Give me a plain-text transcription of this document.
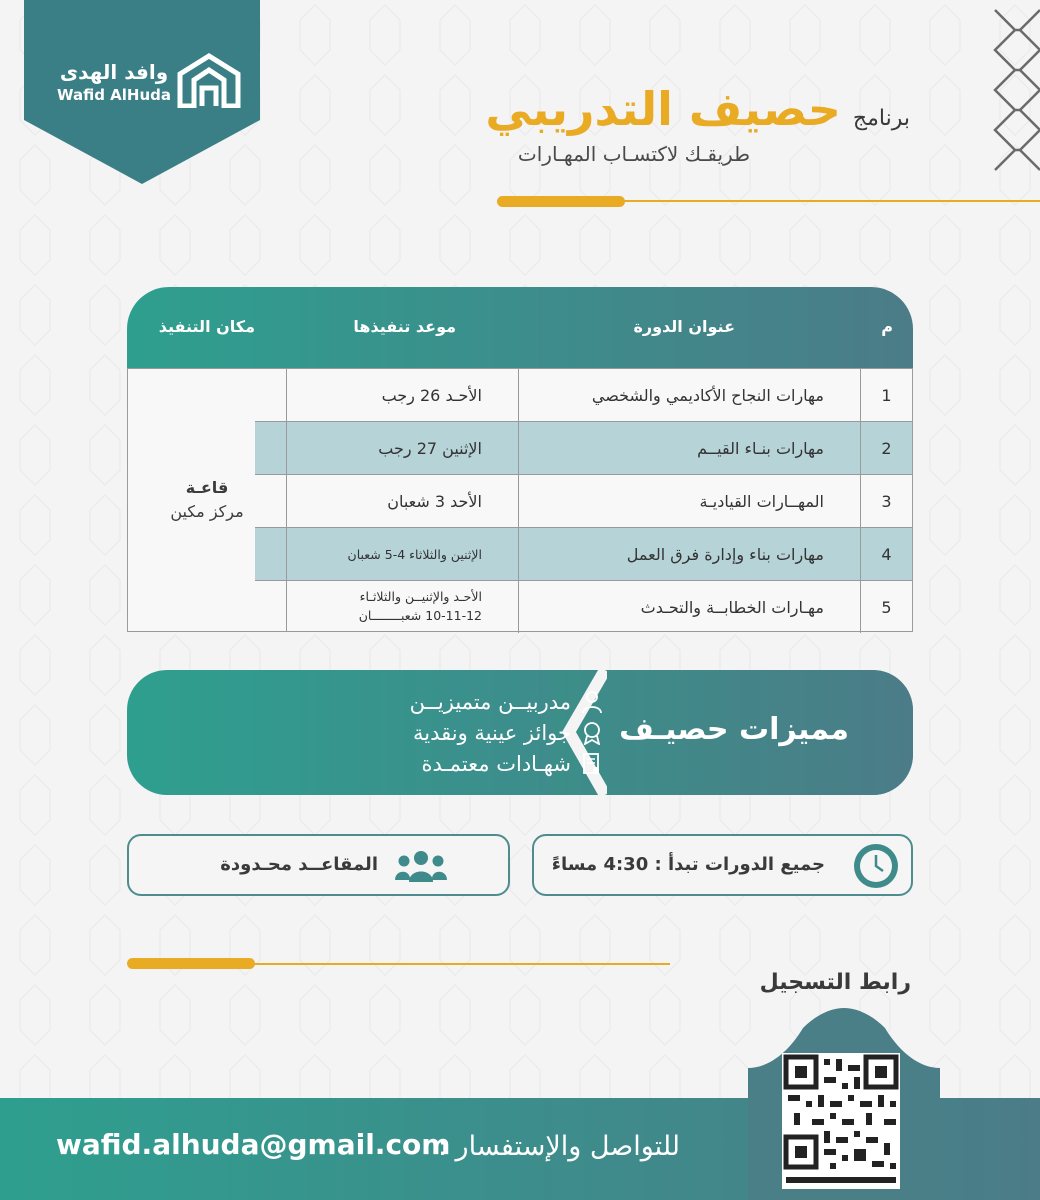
وافد الهدى
Wafid AlHuda
برنامج
حصيف التدريبي
طريقـك لاكتسـاب المهـارات
م
عنوان الدورة
موعد تنفيذها
مكان التنفيذ
1
مهارات النجاح الأكاديمي والشخصي
الأحـد 26 رجب
2
مهارات بنـاء القيــم
الإثنين 27 رجب
3
المهــارات القياديـة
الأحد 3 شعبان
4
مهارات بناء وإدارة فرق العمل
الإثنين والثلاثاء 4-5 شعبان
5
مهـارات الخطابــة والتحـدث
الأحـد والإثنيــن والثلاثـاء
10-11-12 شعبــــــــان
قاعـة
مركز مكين
مميزات حصيـف
مدربيــن متميزيــن
جوائز عينية ونقدية
شهـادات معتمـدة
جميع الدورات تبدأ : 4:30 مساءً
المقاعــد محـدودة
رابط التسجيل
للتواصل والإستفسار :
wafid.alhuda@gmail.com
